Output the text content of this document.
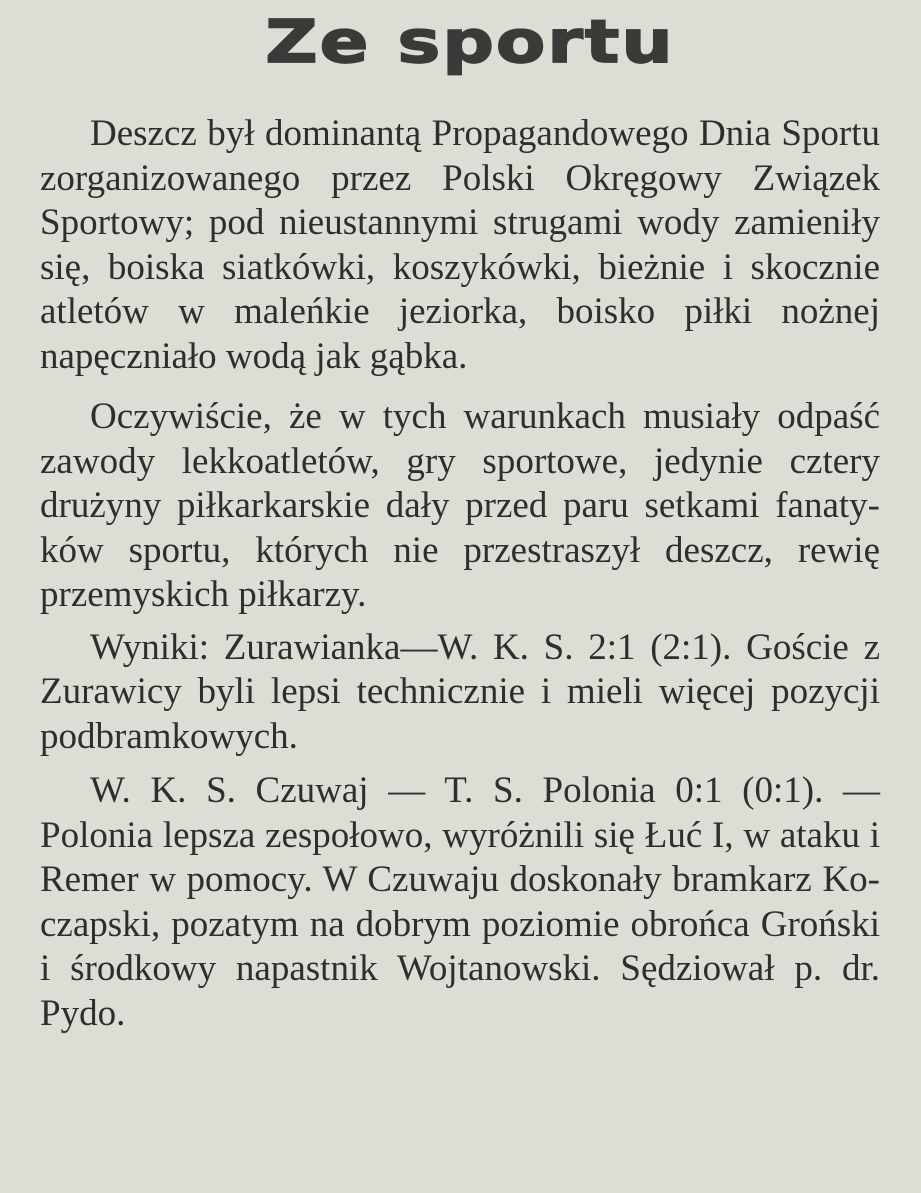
Ze sportu

Deszcz był dominantą Propagandowego Dnia Sportu zorganizowanego przez Polski Okręgowy Związek Sportowy; pod nieustannymi strugami wody zamieniły się, boiska siatkówki, koszykówki, bieżnie i skocznie atletów w maleńkie jeziorka, boisko piłki nożnej napęczniało wodą jak gąbka.

Oczywiście, że w tych warunkach musiały odpaść zawody lekkoatletów, gry sportowe, jedynie cztery drużyny piłkarkarskie dały przed paru setkami fanatyków sportu, których nie przestraszył deszcz, rewię przemyskich piłkarzy.

Wyniki: Zurawianka—W. K. S. 2:1 (2:1). Goście z Zurawicy byli lepsi technicznie i mieli więcej pozycji podbramkowych.

W. K. S. Czuwaj — T. S. Polonia 0:1 (0:1). — Polonia lepsza zespołowo, wyróżnili się Łuć I, w ataku i Remer w pomocy. W Czuwaju doskonały bramkarz Koczapski, pozatym na dobrym poziomie obrońca Groński i środkowy napastnik Wojtanowski. Sędziował p. dr. Pydo.
